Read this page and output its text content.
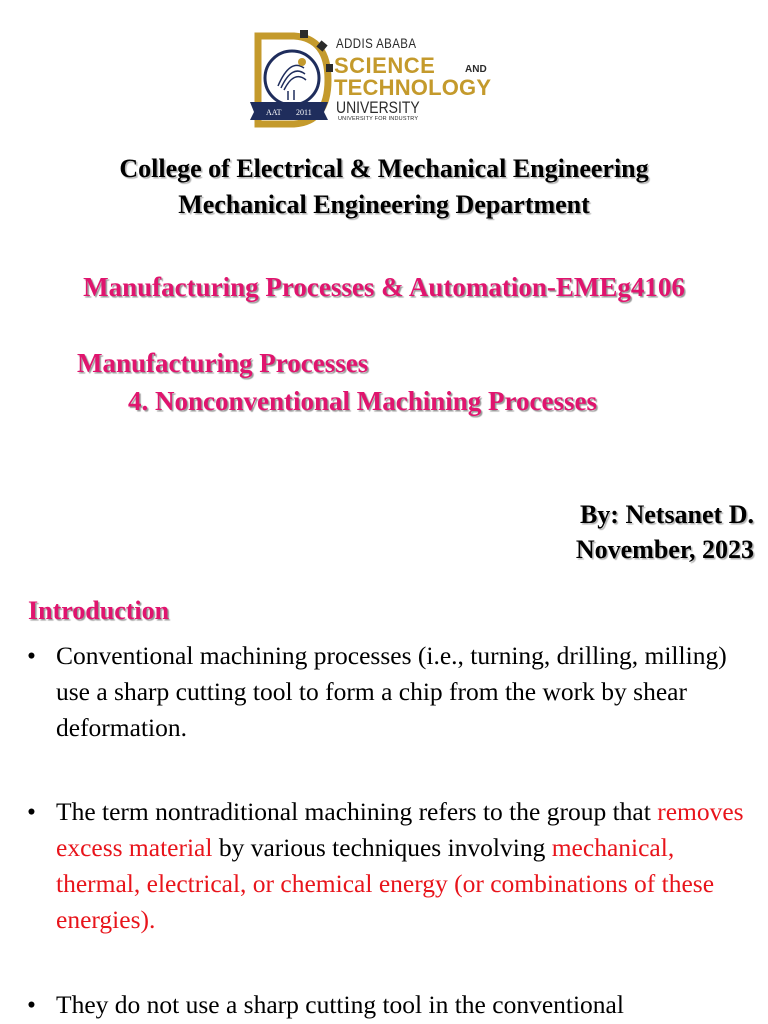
AAT 2011
ADDIS ABABA
SCIENCE	AND
TECHNOLOGY
UNIVERSITY
UNIVERSITY FOR INDUSTRY
College of Electrical & Mechanical Engineering
Mechanical Engineering Department
Manufacturing Processes & Automation-EMEg4106
Manufacturing Processes
4. Nonconventional Machining Processes
By: Netsanet D.
November, 2023
Introduction
• Conventional machining processes (i.e., turning, drilling, milling) use a sharp cutting tool to form a chip from the work by shear deformation.
• The term nontraditional machining refers to the group that removes excess material by various techniques involving mechanical, thermal, electrical, or chemical energy (or combinations of these energies).
• They do not use a sharp cutting tool in the conventional
